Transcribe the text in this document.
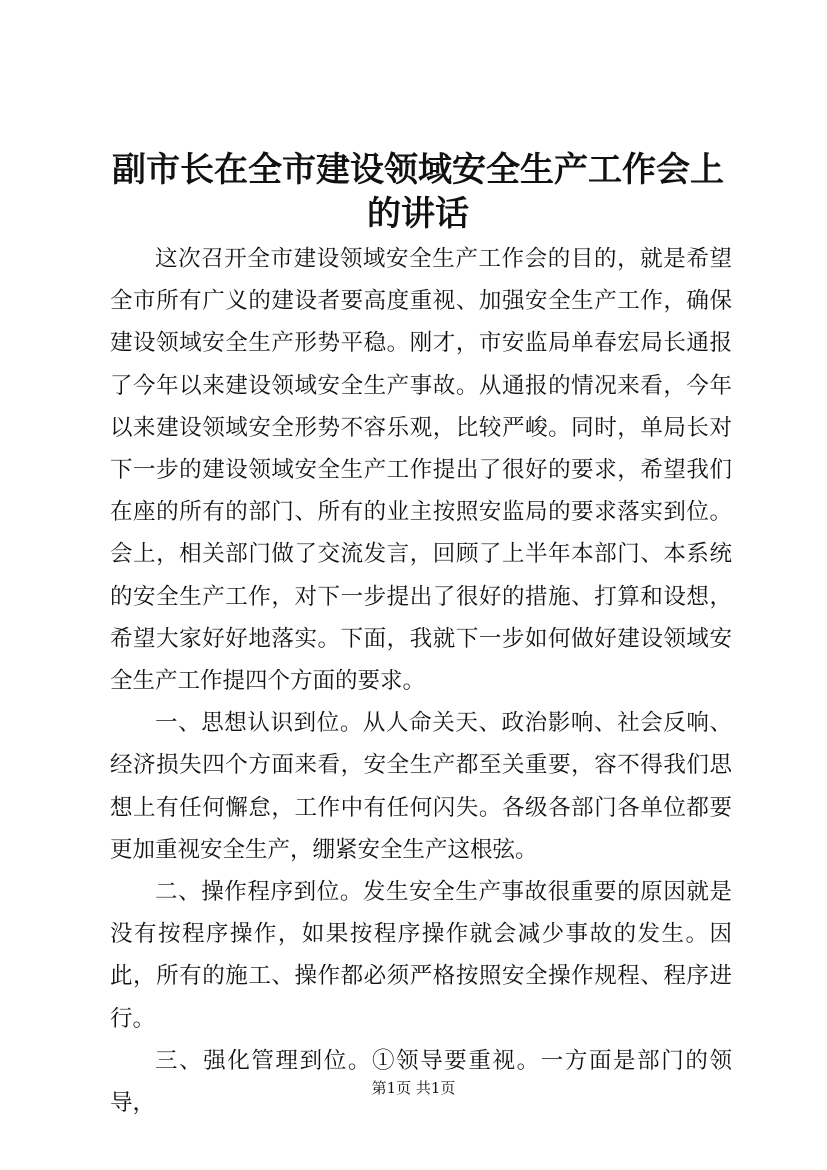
副市长在全市建设领域安全生产工作会上的讲话

这次召开全市建设领域安全生产工作会的目的，就是希望全市所有广义的建设者要高度重视、加强安全生产工作，确保建设领域安全生产形势平稳。刚才，市安监局单春宏局长通报了今年以来建设领域安全生产事故。从通报的情况来看，今年以来建设领域安全形势不容乐观，比较严峻。同时，单局长对下一步的建设领域安全生产工作提出了很好的要求，希望我们在座的所有的部门、所有的业主按照安监局的要求落实到位。会上，相关部门做了交流发言，回顾了上半年本部门、本系统的安全生产工作，对下一步提出了很好的措施、打算和设想，希望大家好好地落实。下面，我就下一步如何做好建设领域安全生产工作提四个方面的要求。

一、思想认识到位。从人命关天、政治影响、社会反响、经济损失四个方面来看，安全生产都至关重要，容不得我们思想上有任何懈怠，工作中有任何闪失。各级各部门各单位都要更加重视安全生产，绷紧安全生产这根弦。

二、操作程序到位。发生安全生产事故很重要的原因就是没有按程序操作，如果按程序操作就会减少事故的发生。因此，所有的施工、操作都必须严格按照安全操作规程、程序进行。

三、强化管理到位。①领导要重视。一方面是部门的领导，

第1页 共1页
